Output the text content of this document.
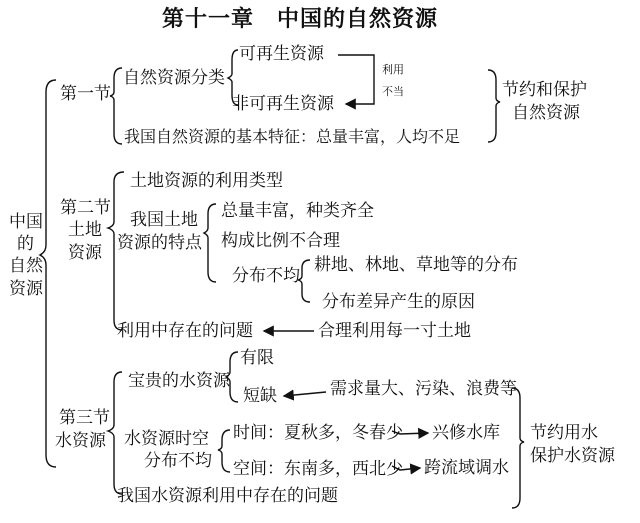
第十一章　中国的自然资源
中国
的
自然
资源
第一节
自然资源分类
可再生资源
非可再生资源
利用
不当
我国自然资源的基本特征：总量丰富，人均不足
节约和保护
自然资源
第二节
土地
资源
土地资源的利用类型
我国土地
资源的特点
总量丰富，种类齐全
构成比例不合理
分布不均
耕地、林地、草地等的分布
分布差异产生的原因
利用中存在的问题	合理利用每一寸土地
第三节
水资源
宝贵的水资源
有限
短缺	需求量大、污染、浪费等
水资源时空
分布不均
时间：夏秋多，冬春少 兴修水库
空间：东南多，西北少 跨流域调水
我国水资源利用中存在的问题
节约用水
保护水资源
